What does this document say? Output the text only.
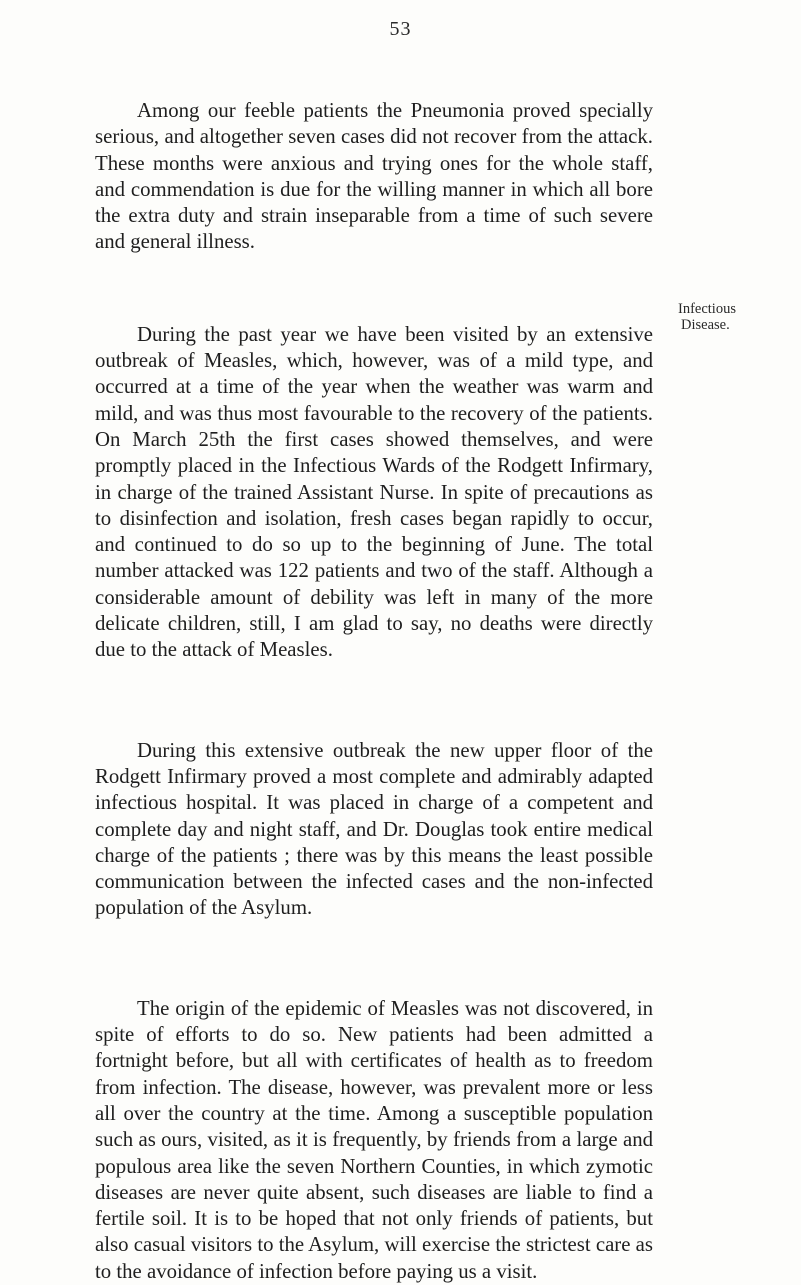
53

Among our feeble patients the Pneumonia proved specially serious, and altogether seven cases did not recover from the attack. These months were anxious and trying ones for the whole staff, and commendation is due for the willing manner in which all bore the extra duty and strain inseparable from a time of such severe and general illness.

During the past year we have been visited by an extensive outbreak of Measles, which, however, was of a mild type, and occurred at a time of the year when the weather was warm and mild, and was thus most favourable to the recovery of the patients. On March 25th the first cases showed themselves, and were promptly placed in the Infectious Wards of the Rodgett Infirmary, in charge of the trained Assistant Nurse. In spite of precautions as to disinfection and isolation, fresh cases began rapidly to occur, and continued to do so up to the beginning of June. The total number attacked was 122 patients and two of the staff. Although a considerable amount of debility was left in many of the more delicate children, still, I am glad to say, no deaths were directly due to the attack of Measles.

During this extensive outbreak the new upper floor of the Rodgett Infirmary proved a most complete and admirably adapted infectious hospital. It was placed in charge of a competent and complete day and night staff, and Dr. Douglas took entire medical charge of the patients ; there was by this means the least possible communication between the infected cases and the non-infected population of the Asylum.

The origin of the epidemic of Measles was not discovered, in spite of efforts to do so. New patients had been admitted a fortnight before, but all with certificates of health as to freedom from infection. The disease, however, was prevalent more or less all over the country at the time. Among a susceptible population such as ours, visited, as it is frequently, by friends from a large and populous area like the seven Northern Counties, in which zymotic diseases are never quite absent, such diseases are liable to find a fertile soil. It is to be hoped that not only friends of patients, but also casual visitors to the Asylum, will exercise the strictest care as to the avoidance of infection before paying us a visit.

Infectious
Disease.
